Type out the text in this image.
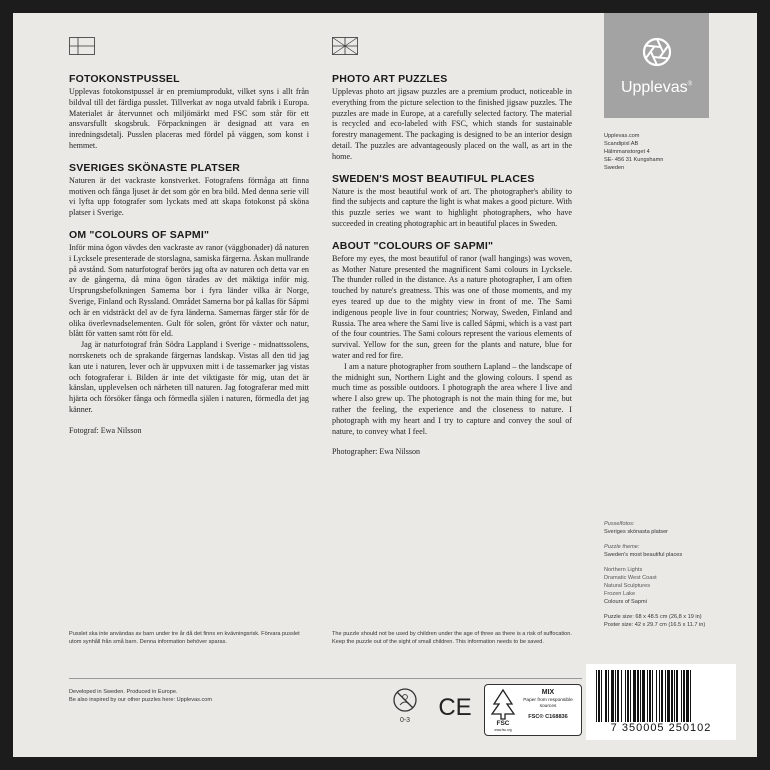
FOTOKONSTPUSSEL

Upplevas fotokonstpussel är en premiumprodukt, vilket syns i allt från bildval till det färdiga pusslet. Tillverkat av noga utvald fabrik i Europa. Materialet är återvunnet och miljömärkt med FSC som står för ett ansvarsfullt skogsbruk. Förpackningen är designad att vara en inredningsdetalj. Pusslen placeras med fördel på väggen, som konst i hemmet.

SVERIGES SKÖNASTE PLATSER

Naturen är det vackraste konstverket. Fotografens förmåga att finna motiven och fånga ljuset är det som gör en bra bild. Med denna serie vill vi lyfta upp fotografer som lyckats med att skapa fotokonst på sköna platser i Sverige.

OM "COLOURS OF SAPMI"

Inför mina ögon vävdes den vackraste av ranor (väggbonader) då naturen i Lycksele presenterade de storslagna, samiska färgerna. Åskan mullrande på avstånd. Som naturfotograf berörs jag ofta av naturen och detta var en av de gångerna, då mina ögon tårades av det mäktiga inför mig. Ursprungsbefolkningen Samerna bor i fyra länder vilka är Norge, Sverige, Finland och Ryssland. Området Samerna bor på kallas för Sápmi och är en vidsträckt del av de fyra länderna. Samernas färger står för de olika överlevnadselementen. Gult för solen, grönt för växter och natur, blått för vatten samt rött för eld.

Jag är naturfotograf från Södra Lappland i Sverige - midnattssolens, norrskenets och de sprakande färgernas landskap. Vistas all den tid jag kan ute i naturen, lever och är uppvuxen mitt i de tassemarker jag vistas och fotograferar i. Bilden är inte det viktigaste för mig, utan det är känslan, upplevelsen och närheten till naturen. Jag fotograferar med mitt hjärta och försöker fånga och förmedla själen i naturen, förmedla det jag känner.

Fotograf: Ewa Nilsson
PHOTO ART PUZZLES

Upplevas photo art jigsaw puzzles are a premium product, noticeable in everything from the picture selection to the finished jigsaw puzzles. The puzzles are made in Europe, at a carefully selected factory. The material is recycled and eco-labeled with FSC, which stands for sustainable forestry management. The packaging is designed to be an interior design detail. The puzzles are advantageously placed on the wall, as art in the home.

SWEDEN'S MOST BEAUTIFUL PLACES

Nature is the most beautiful work of art. The photographer's ability to find the subjects and capture the light is what makes a good picture. With this puzzle series we want to highlight photographers, who have succeeded in creating photographic art in beautiful places in Sweden.

ABOUT "COLOURS OF SAPMI"

Before my eyes, the most beautiful of ranor (wall hangings) was woven, as Mother Nature presented the magnificent Sami colours in Lycksele. The thunder rolled in the distance. As a nature photographer, I am often touched by nature's greatness. This was one of those moments, and my eyes teared up due to the mighty view in front of me. The Sami indigenous people live in four countries; Norway, Sweden, Finland and Russia. The area where the Sami live is called Sápmi, which is a vast part of the four countries. The Sami colours represent the various elements of survival. Yellow for the sun, green for the plants and nature, blue for water and red for fire.

I am a nature photographer from southern Lapland – the landscape of the midnight sun, Northern Light and the glowing colours. I spend as much time as possible outdoors. I photograph the area where I live and where I also grew up. The photograph is not the main thing for me, but rather the feeling, the experience and the closeness to nature. I photograph with my heart and I try to capture and convey the soul of nature, to convey what I feel.

Photographer: Ewa Nilsson
Pusslet ska inte användas av barn under tre år då det finns en kvävningsrisk. Förvara pusslet utom synhåll från små barn. Denna information behöver sparas.
The puzzle should not be used by children under the age of three as there is a risk of suffocation. Keep the puzzle out of the sight of small children. This information needs to be saved.
Developed in Sweden. Produced in Europe.
Be also inspired by our other puzzles here: Upplevas.com
0-3 CE
FSC
www.fsc.org
MIX
Paper from responsible sources
FSC® C168836
Upplevas®
Upplevas.com
Scandipixl AB
Hälmmanstorget 4
SE- 456 31 Kungshamn
Sweden
Pusselfotos:
Sveriges skönasta platser
Puzzle theme:
Sweden's most beautiful places
Northern Lights
Dramatic West Coast
Natural Sculptures
Frozen Lake
Colours of Sapmi
Puzzle size: 68 x 48.5 cm (26,8 x 19 in)
Poster size: 42 x 29.7 cm (16.5 x 11.7 in)
7 350005 250102
